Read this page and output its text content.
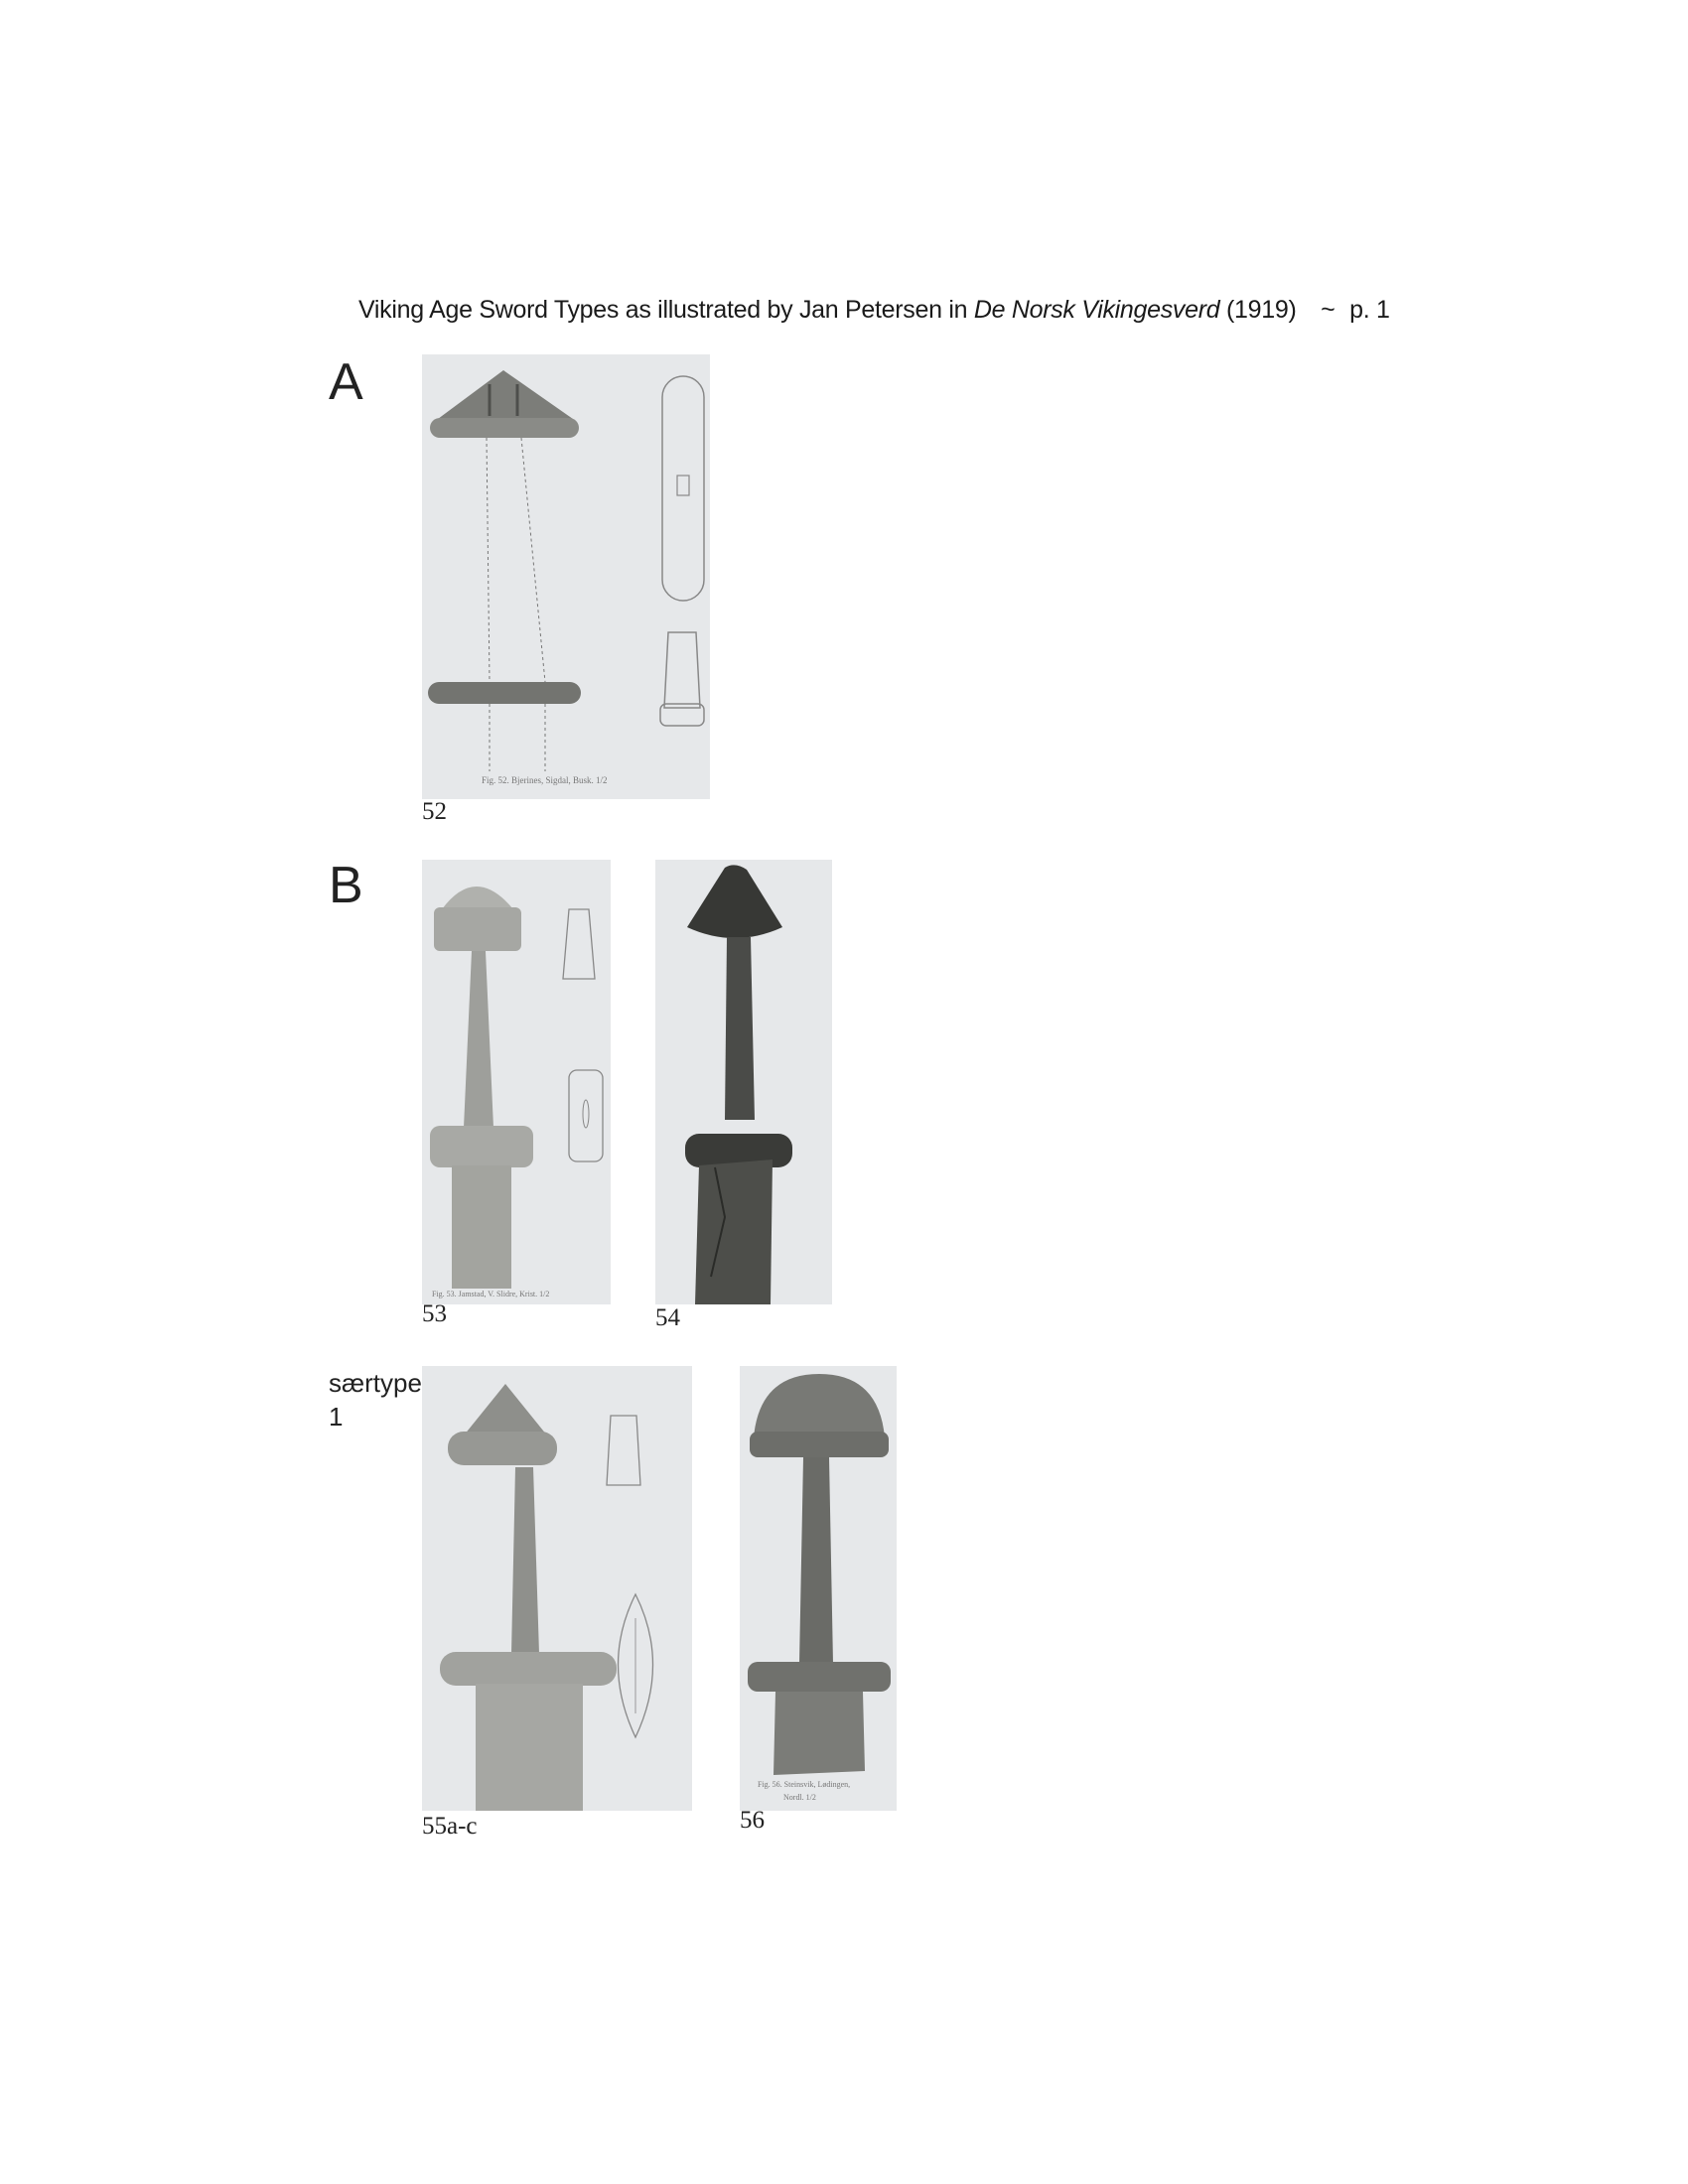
Viking Age Sword Types as illustrated by Jan Petersen in De Norsk Vikingesverd (1919) ~ p. 1
A
B
særtype
1
Fig. 52. Bjerines, Sigdal, Busk. 1/2
52
Fig. 53. Jamstad, V. Slidre, Krist. 1/2
53	54
55a-c
Fig. 56. Steinsvik, Lødingen,
Nordl. 1/2
56
